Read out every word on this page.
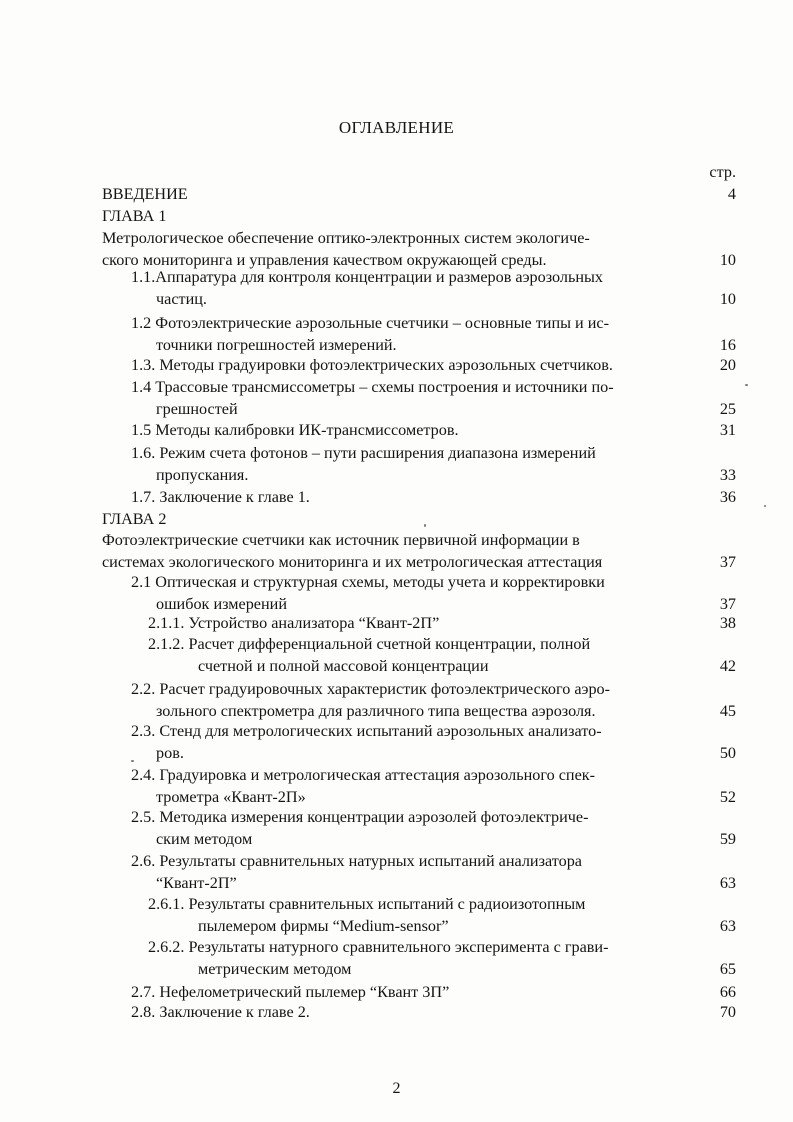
ОГЛАВЛЕНИЕ
стр.
ВВЕДЕНИЕ	4
ГЛАВА 1
Метрологическое обеспечение оптико-электронных систем экологиче-
ского мониторинга и управления качеством окружающей среды.	10
1.1.Аппаратура для контроля концентрации и размеров аэрозольных
частиц.	10
1.2 Фотоэлектрические аэрозольные счетчики – основные типы и ис-
точники погрешностей измерений.	16
1.3. Методы градуировки фотоэлектрических аэрозольных счетчиков.	20
1.4 Трассовые трансмиссометры – схемы построения и источники по-
грешностей	25
1.5 Методы калибровки ИК-трансмиссометров.	31
1.6. Режим счета фотонов – пути расширения диапазона измерений
пропускания.	33
1.7. Заключение к главе 1.	36
ГЛАВА 2
Фотоэлектрические счетчики как источник первичной информации в
системах экологического мониторинга и их метрологическая аттестация	37
2.1 Оптическая и структурная схемы, методы учета и корректировки
ошибок измерений	37
2.1.1. Устройство анализатора “Квант-2П”	38
2.1.2. Расчет дифференциальной счетной концентрации, полной
счетной и полной массовой концентрации	42
2.2. Расчет градуировочных характеристик фотоэлектрического аэро-
зольного спектрометра для различного типа вещества аэрозоля.	45
2.3. Стенд для метрологических испытаний аэрозольных анализато-
ров.	50
2.4. Градуировка и метрологическая аттестация аэрозольного спек-
трометра «Квант-2П»	52
2.5. Методика измерения концентрации аэрозолей фотоэлектриче-
ским методом	59
2.6. Результаты сравнительных натурных испытаний анализатора
“Квант-2П”	63
2.6.1. Результаты сравнительных испытаний с радиоизотопным
пылемером фирмы “Medium-sensor”	63
2.6.2. Результаты натурного сравнительного эксперимента с грави-
метрическим методом	65
2.7. Нефелометрический пылемер “Квант 3П”	66
2.8. Заключение к главе 2.	70
2
